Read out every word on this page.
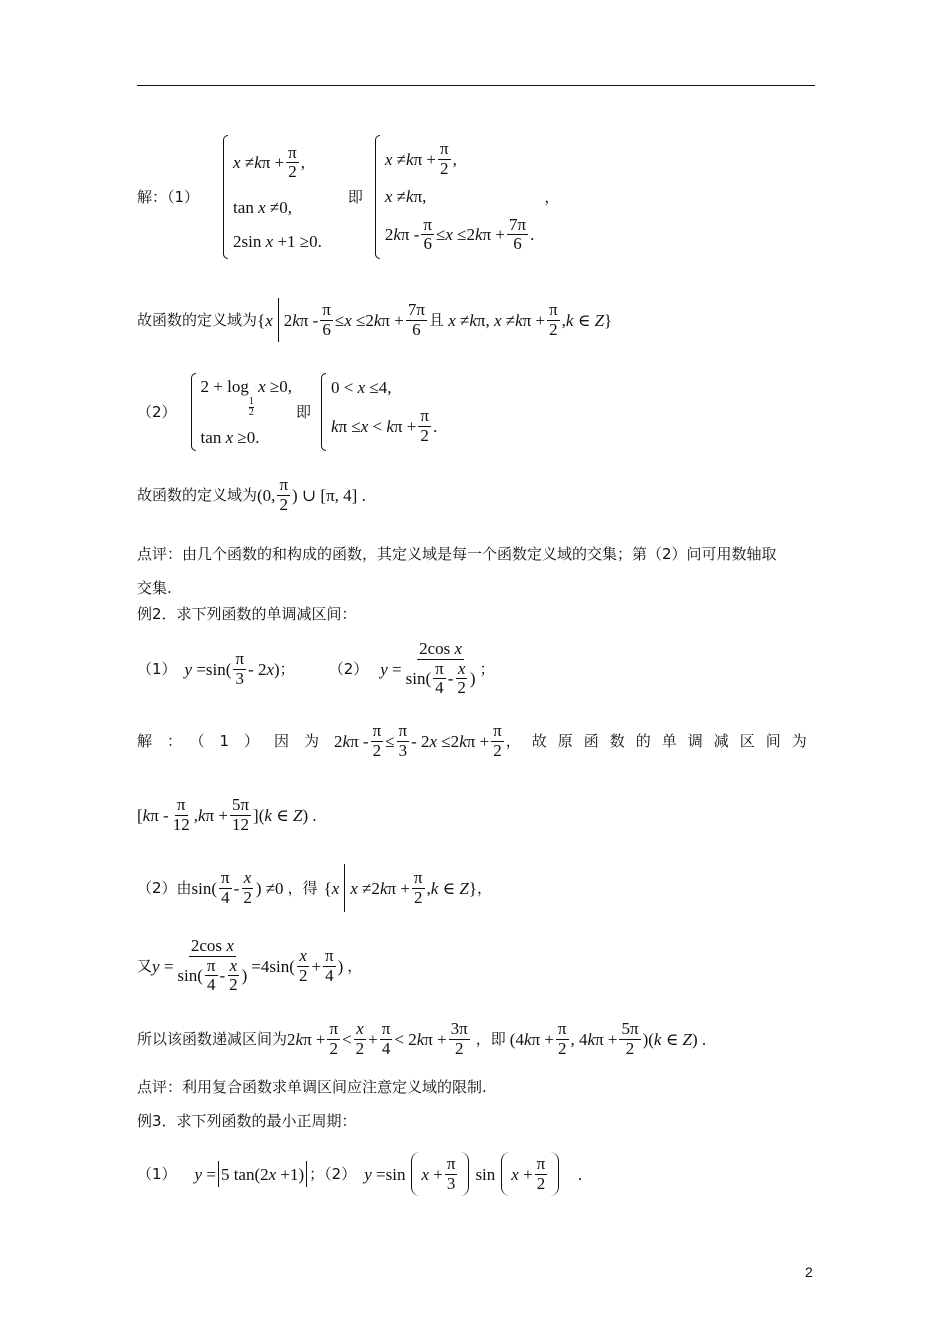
解：（1）
x ≠ k $\pi + \frac{\pi}{2}$ ,
tan x ≠0,
2sin x +1 ≥0.
即
x ≠ k $\pi + \frac{\pi}{2}$ ,
x ≠kπ,
2 k $\pi - \frac{\pi}{6} \le x \le 2$ k $\pi + \frac{7\pi}{6}$ .
，
故函数的定义域为 { x 2 k $\pi - \frac{\pi}{6} \le x \le 2$ k $\pi + \frac{7\pi}{6}$ 且
x ≠ k π, x ≠ k $\pi + \frac{\pi}{2}$ , k ∈ Z }
（2）
2 + log
$\frac{1}{2}$
x ≥0,
tan x ≥0.
即
0 < x ≤4,
k π ≤ x < k $\pi + \frac{\pi}{2}$ .
故函数的定义域为 (0, $\frac{\pi}{2}$ ) ∪ [π, 4] .
点评：由几个函数的和构成的函数，其定义域是每一个函数定义域的交集；第（2）问可用数轴取
交集.
例2．求下列函数的单调减区间：
（1） $y =\sin( \frac{\pi}{3} - 2$ x ) ； （2） $y = \frac{\text{2cos x}}{\sin( \frac{\pi}{4} - \frac{x}{2} )}$ ；
解：（1）因为 2 k $\pi - \frac{\pi}{2} \le \frac{\pi}{3} - 2$ x ≤2 k $\pi + \frac{\pi}{2}$ ，故原函数的单调减区间为
[ k π - $\frac{\pi}{12}$ , k $\pi + \frac{5\pi}{12}$ ]( k ∈ Z ) .
（2）由 $\sin( \frac{\pi}{4} - \frac{x}{2}$ ) ≠0 ，得 { x x ≠2 k $\pi + \frac{\pi}{2}$ , k ∈ Z } ，
又 $y = \frac{\text{2cos x}}{\sin( \frac{\pi}{4} - \frac{x}{2} )} =4\sin( \frac{x}{2} + \frac{\pi}{4}$ ) ，
所以该函数递减区间为 2 k $\pi + \frac{\pi}{2} < \frac{x}{2} + \frac{\pi}{4} < 2$ k $\pi + \frac{3\pi}{2}$ ，即 (4 k $\pi + \frac{\pi}{2}$ , 4 k $\pi + \frac{5\pi}{2}$ )( k ∈ Z ) .
点评：利用复合函数求单调区间应注意定义域的限制.
例3．求下列函数的最小正周期：
（1） y = 5 tan(2 x +1) ；（2） y =sin $x + \frac{\pi}{3}$ $\sin x + \frac{\pi}{2}$ .
2
